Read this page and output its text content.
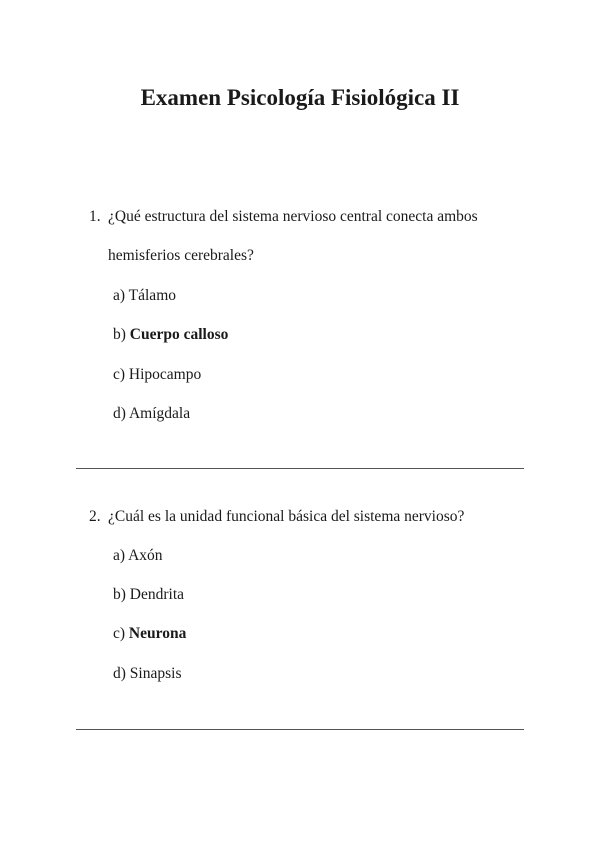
Examen Psicología Fisiológica II
1. ¿Qué estructura del sistema nervioso central conecta ambos
hemisferios cerebrales?
a) Tálamo
b) Cuerpo calloso
c) Hipocampo
d) Amígdala
2. ¿Cuál es la unidad funcional básica del sistema nervioso?
a) Axón
b) Dendrita
c) Neurona
d) Sinapsis
